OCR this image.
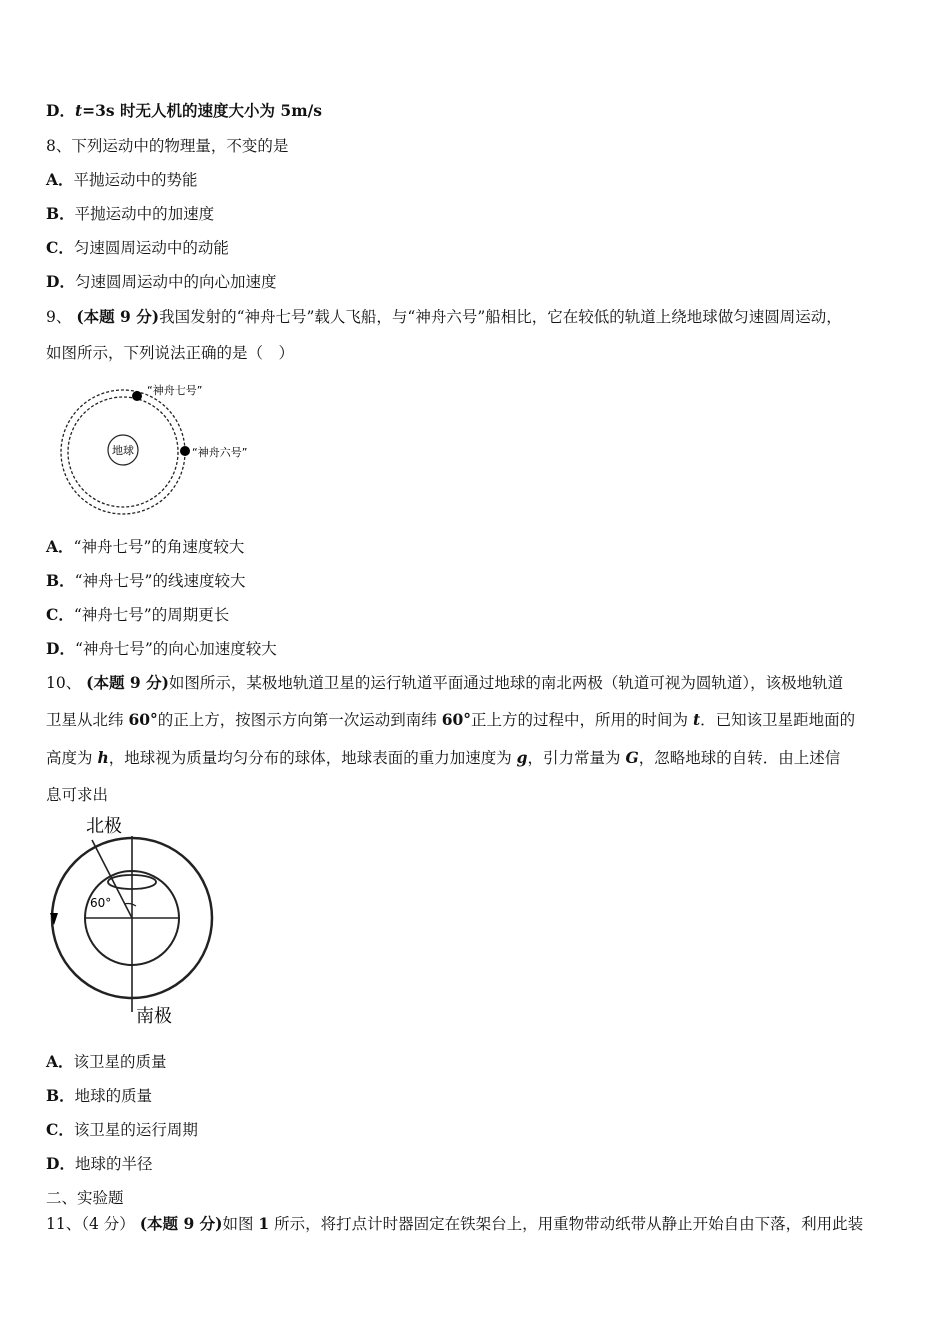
D．t=3s 时无人机的速度大小为 5m/s
8、下列运动中的物理量，不变的是
A．平抛运动中的势能
B．平抛运动中的加速度
C．匀速圆周运动中的动能
D．匀速圆周运动中的向心加速度
9、 (本题 9 分)我国发射的“神舟七号”载人飞船，与“神舟六号”船相比，它在较低的轨道上绕地球做匀速圆周运动，
如图所示，下列说法正确的是（　）
地球
“神舟七号”
“神舟六号”
A．“神舟七号”的角速度较大
B．“神舟七号”的线速度较大
C．“神舟七号”的周期更长
D．“神舟七号”的向心加速度较大
10、 (本题 9 分)如图所示，某极地轨道卫星的运行轨道平面通过地球的南北两极（轨道可视为圆轨道），该极地轨道
卫星从北纬 60°的正上方，按图示方向第一次运动到南纬 60°正上方的过程中，所用的时间为 t．已知该卫星距地面的
高度为 h，地球视为质量均匀分布的球体，地球表面的重力加速度为 g，引力常量为 G，忽略地球的自转．由上述信
息可求出
北极
南极
60°
A．该卫星的质量
B．地球的质量
C．该卫星的运行周期
D．地球的半径
二、实验题
11、（4 分） (本题 9 分)如图 1 所示，将打点计时器固定在铁架台上，用重物带动纸带从静止开始自由下落，利用此装
